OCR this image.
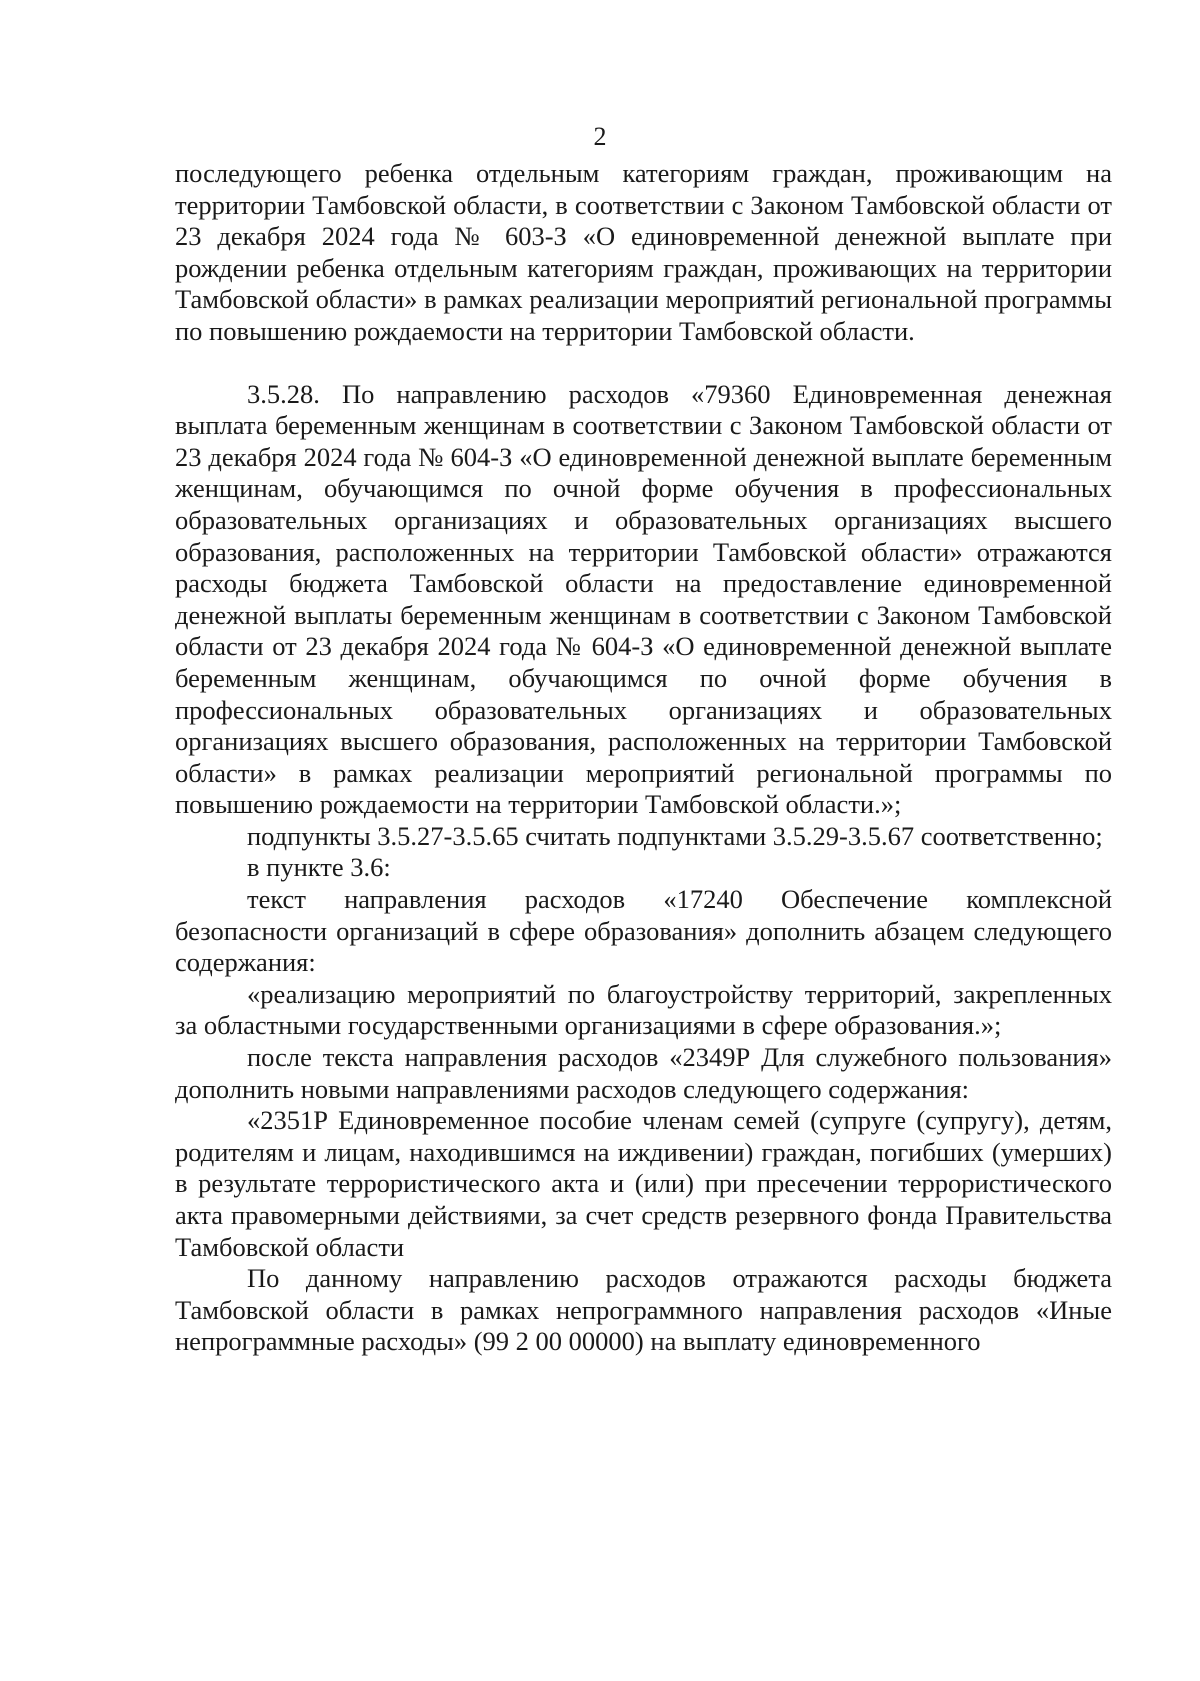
2

последующего ребенка отдельным категориям граждан, проживающим на территории Тамбовской области, в соответствии с Законом Тамбовской области от 23 декабря 2024 года № 603-З «О единовременной денежной выплате при рождении ребенка отдельным категориям граждан, проживающих на территории Тамбовской области» в рамках реализации мероприятий региональной программы по повышению рождаемости на территории Тамбовской области.

3.5.28. По направлению расходов «79360 Единовременная денежная выплата беременным женщинам в соответствии с Законом Тамбовской области от 23 декабря 2024 года № 604-З «О единовременной денежной выплате беременным женщинам, обучающимся по очной форме обучения в профессиональных образовательных организациях и образовательных организациях высшего образования, расположенных на территории Тамбовской области» отражаются расходы бюджета Тамбовской области на предоставление единовременной денежной выплаты беременным женщинам в соответствии с Законом Тамбовской области от 23 декабря 2024 года № 604-З «О единовременной денежной выплате беременным женщинам, обучающимся по очной форме обучения в профессиональных образовательных организациях и образовательных организациях высшего образования, расположенных на территории Тамбовской области» в рамках реализации мероприятий региональной программы по повышению рождаемости на территории Тамбовской области.»;

подпункты 3.5.27-3.5.65 считать подпунктами 3.5.29-3.5.67 соответственно;

в пункте 3.6:

текст направления расходов «17240 Обеспечение комплексной безопасности организаций в сфере образования» дополнить абзацем следующего содержания:

«реализацию мероприятий по благоустройству территорий, закрепленных за областными государственными организациями в сфере образования.»;

после текста направления расходов «2349Р Для служебного пользования» дополнить новыми направлениями расходов следующего содержания:

«2351Р Единовременное пособие членам семей (супруге (супругу), детям, родителям и лицам, находившимся на иждивении) граждан, погибших (умерших) в результате террористического акта и (или) при пресечении террористического акта правомерными действиями, за счет средств резервного фонда Правительства Тамбовской области

По данному направлению расходов отражаются расходы бюджета Тамбовской области в рамках непрограммного направления расходов «Иные непрограммные расходы» (99 2 00 00000) на выплату единовременного
